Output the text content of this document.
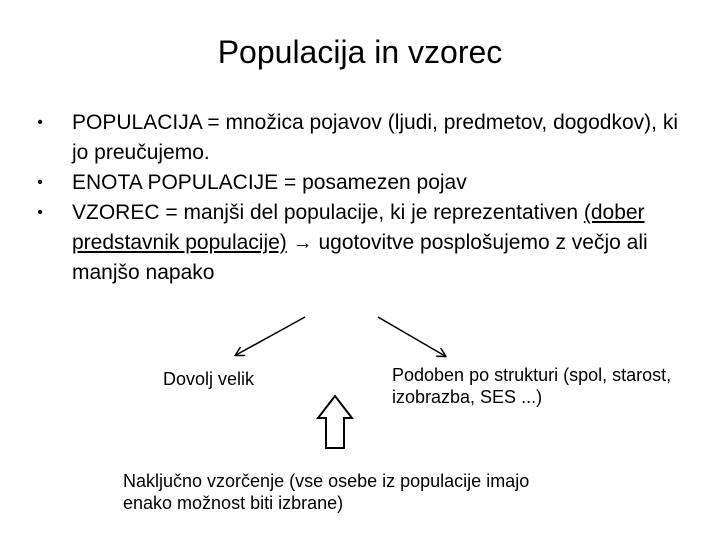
Populacija in vzorec
•	POPULACIJA = množica pojavov (ljudi, predmetov, dogodkov), ki jo preučujemo.
•	ENOTA POPULACIJE = posamezen pojav
•	VZOREC = manjši del populacije, ki je reprezentativen (dober predstavnik populacije) → ugotovitve posplošujemo z večjo ali manjšo napako
Dovolj velik	Podoben po strukturi (spol, starost, izobrazba, SES ...)
Naključno vzorčenje (vse osebe iz populacije imajo enako možnost biti izbrane)
